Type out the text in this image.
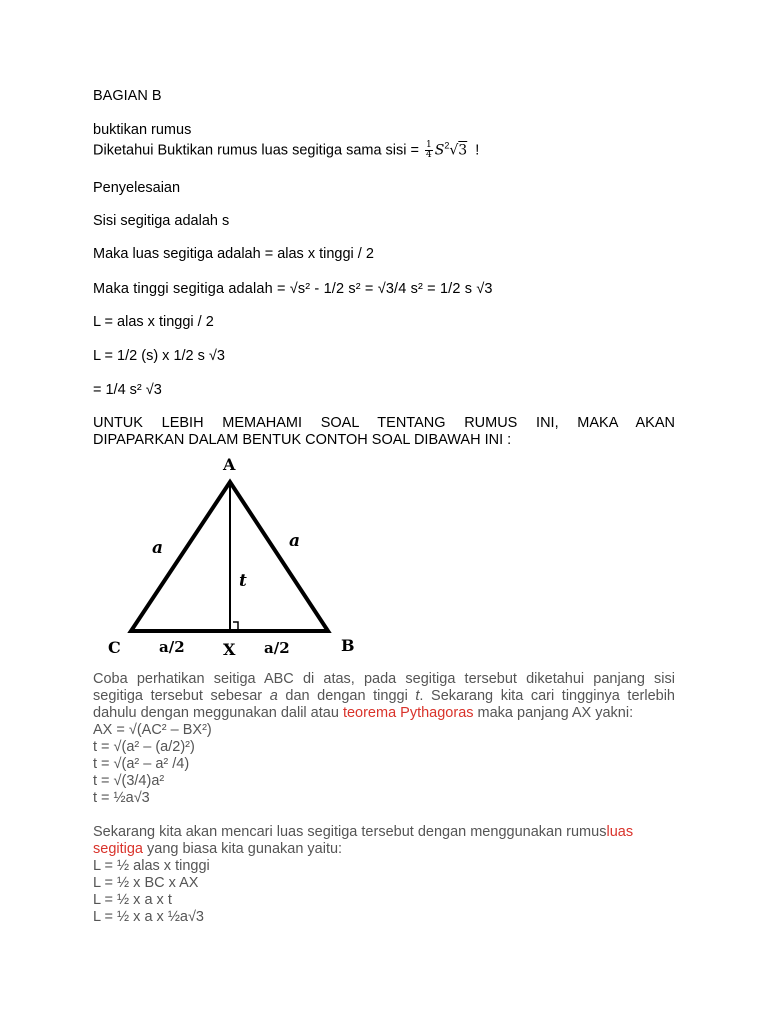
BAGIAN B
buktikan rumus
Diketahui Buktikan rumus luas segitiga sama sisi = $\frac{1}{4} S^2√3$ !
Penyelesaian
Sisi segitiga adalah s
Maka luas segitiga adalah = alas x tinggi / 2
Maka tinggi segitiga adalah = √s² - 1/2 s² = √3/4 s² = 1/2 s √3
L = alas x tinggi / 2
L = 1/2 (s) x 1/2 s √3
= 1/4 s² √3
UNTUK LEBIH MEMAHAMI SOAL TENTANG RUMUS INI, MAKA AKAN
DIPAPARKAN DALAM BENTUK CONTOH SOAL DIBAWAH INI :
A
C	B
X
a	a
t
a/2	a/2
Coba perhatikan seitiga ABC di atas, pada segitiga tersebut diketahui panjang sisi
segitiga tersebut sebesar a dan dengan tinggi t. Sekarang kita cari tingginya terlebih
dahulu dengan meggunakan dalil atau teorema Pythagoras maka panjang AX yakni:
AX = √(AC² – BX²)
t = √(a² – (a/2)²)
t = √(a² – a² /4)
t = √(3/4)a²
t = ½a√3
Sekarang kita akan mencari luas segitiga tersebut dengan menggunakan rumusluas
segitiga yang biasa kita gunakan yaitu:
L = ½ alas x tinggi
L = ½ x BC x AX
L = ½ x a x t
L = ½ x a x ½a√3
